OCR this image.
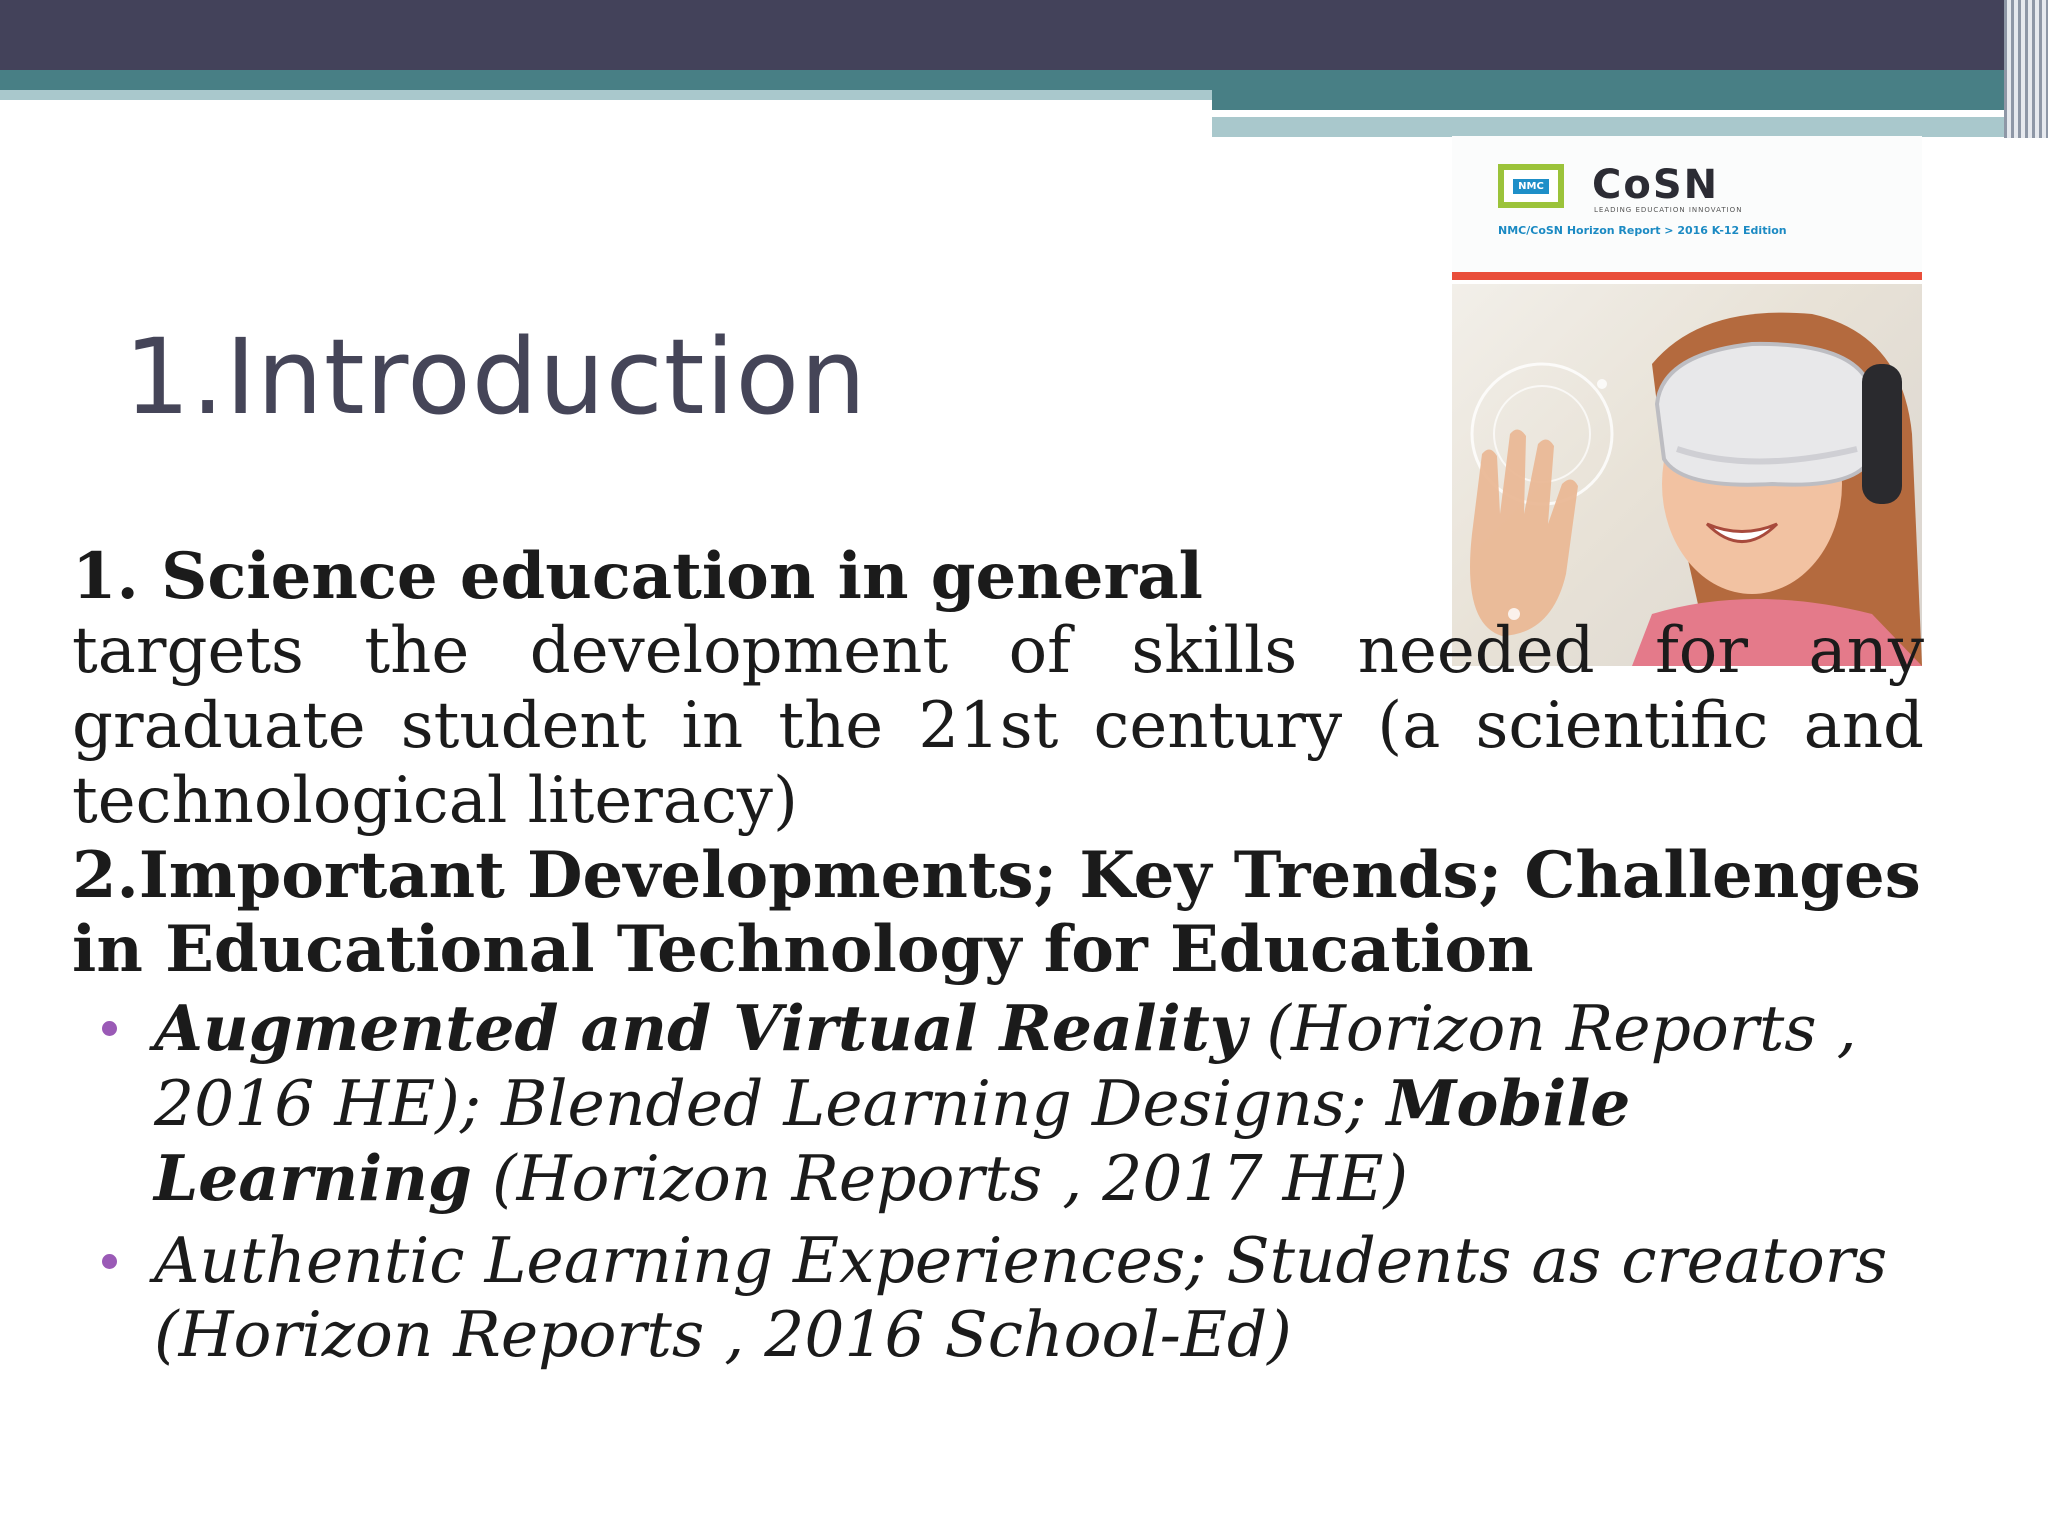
1.Introduction
NMC CoSN
LEADING EDUCATION INNOVATION
NMC/CoSN Horizon Report > 2016 K-12 Edition

1. Science education in general

targets the development of skills needed for any graduate student in the 21st century (a scientific and technological literacy)

2.Important Developments; Key Trends; Challenges in Educational Technology for Education

Augmented and Virtual Reality (Horizon Reports , 2016 HE); Blended Learning Designs; Mobile Learning (Horizon Reports , 2017 HE)
Authentic Learning Experiences; Students as creators (Horizon Reports , 2016 School-Ed)
